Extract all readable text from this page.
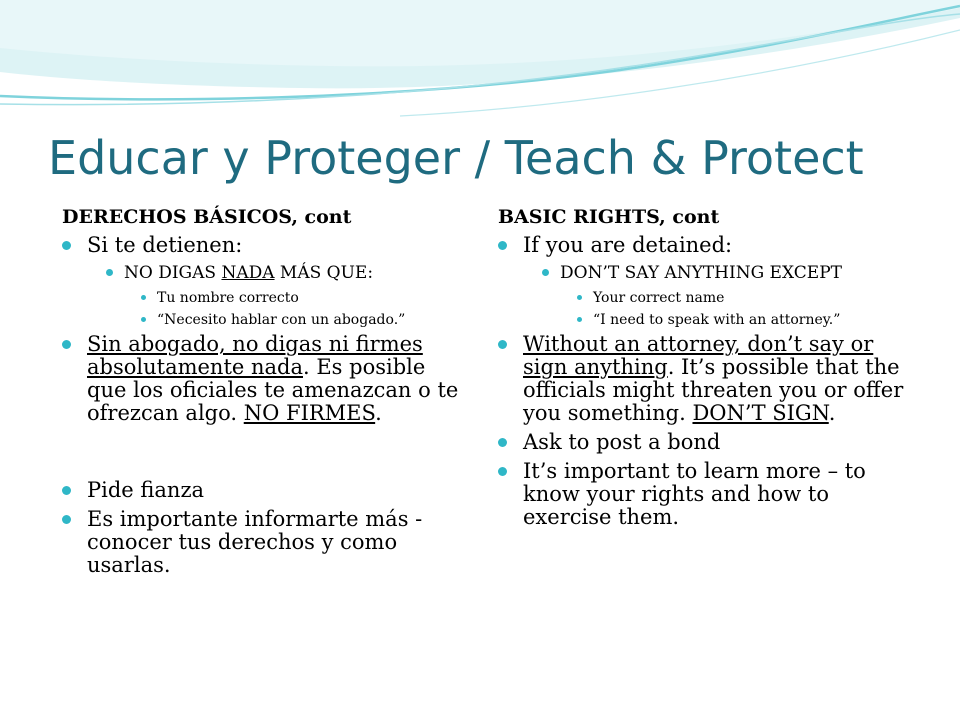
Educar y Proteger / Teach & Protect
DERECHOS BÁSICOS, cont
Si te detienen:
NO DIGAS NADA MÁS QUE:
Tu nombre correcto
“Necesito hablar con un abogado.”
Sin abogado, no digas ni firmes absolutamente nada. Es posible que los oficiales te amenazcan o te ofrezcan algo. NO FIRMES.
Pide fianza
Es importante informarte más - conocer tus derechos y como usarlas.
BASIC RIGHTS, cont
If you are detained:
DON’T SAY ANYTHING EXCEPT
Your correct name
“I need to speak with an attorney.”
Without an attorney, don’t say or sign anything. It’s possible that the officials might threaten you or offer you something. DON’T SIGN.
Ask to post a bond
It’s important to learn more – to know your rights and how to exercise them.
